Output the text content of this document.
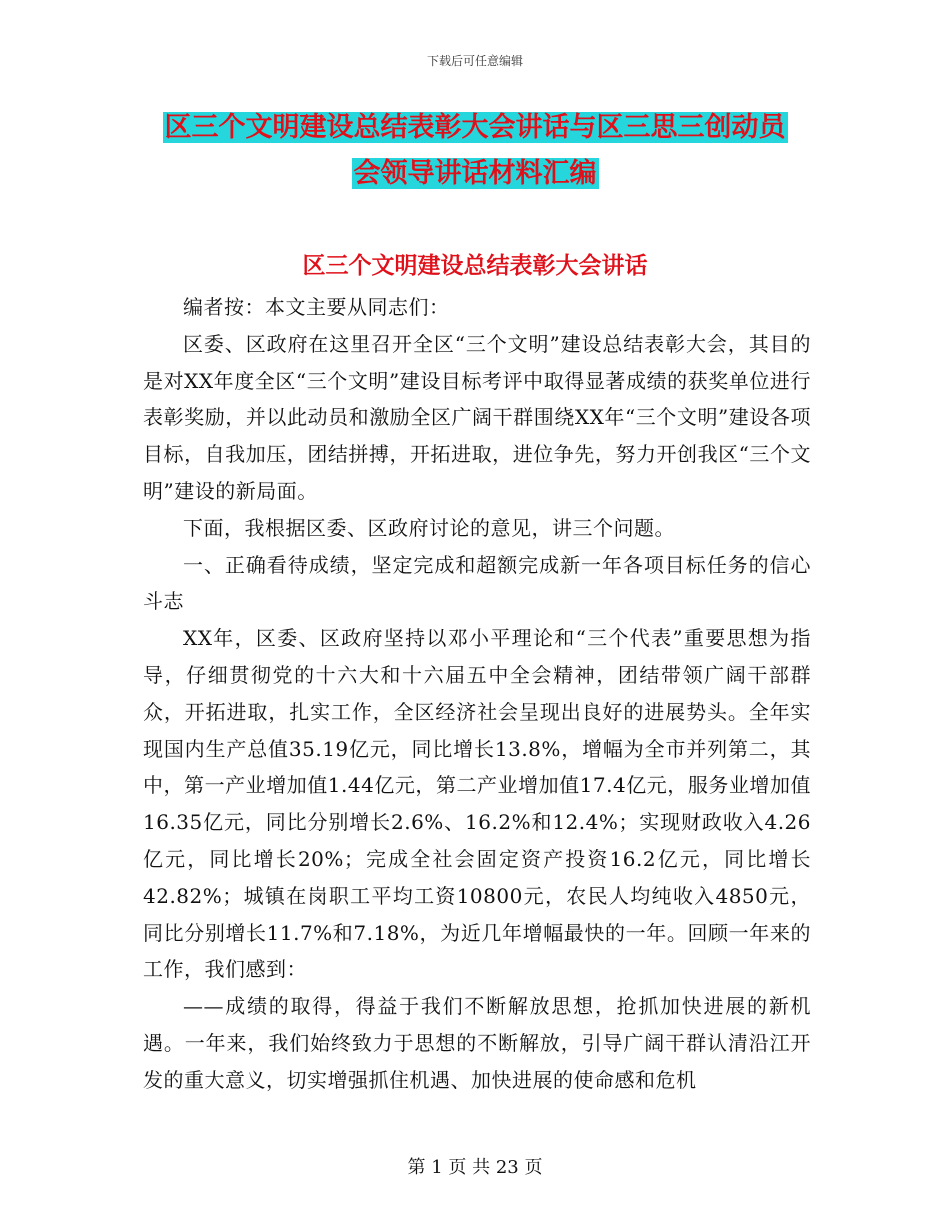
下载后可任意编辑
区三个文明建设总结表彰大会讲话与区三思三创动员
会领导讲话材料汇编
区三个文明建设总结表彰大会讲话

编者按：本文主要从同志们：

区委、区政府在这里召开全区“三个文明”建设总结表彰大会，其目的是对XX年度全区“三个文明”建设目标考评中取得显著成绩的获奖单位进行表彰奖励，并以此动员和激励全区广阔干群围绕XX年“三个文明”建设各项目标，自我加压，团结拼搏，开拓进取，进位争先，努力开创我区“三个文明”建设的新局面。

下面，我根据区委、区政府讨论的意见，讲三个问题。

一、正确看待成绩，坚定完成和超额完成新一年各项目标任务的信心斗志

XX年，区委、区政府坚持以邓小平理论和“三个代表”重要思想为指导，仔细贯彻党的十六大和十六届五中全会精神，团结带领广阔干部群众，开拓进取，扎实工作，全区经济社会呈现出良好的进展势头。全年实现国内生产总值35.19亿元，同比增长13.8%，增幅为全市并列第二，其中，第一产业增加值1.44亿元，第二产业增加值17.4亿元，服务业增加值16.35亿元，同比分别增长2.6%、16.2%和12.4%；实现财政收入4.26亿元，同比增长20%；完成全社会固定资产投资16.2亿元，同比增长42.82%；城镇在岗职工平均工资10800元，农民人均纯收入4850元，同比分别增长11.7%和7.18%，为近几年增幅最快的一年。回顾一年来的工作，我们感到：

——成绩的取得，得益于我们不断解放思想，抢抓加快进展的新机遇。一年来，我们始终致力于思想的不断解放，引导广阔干群认清沿江开发的重大意义，切实增强抓住机遇、加快进展的使命感和危机

第 1 页 共 23 页
